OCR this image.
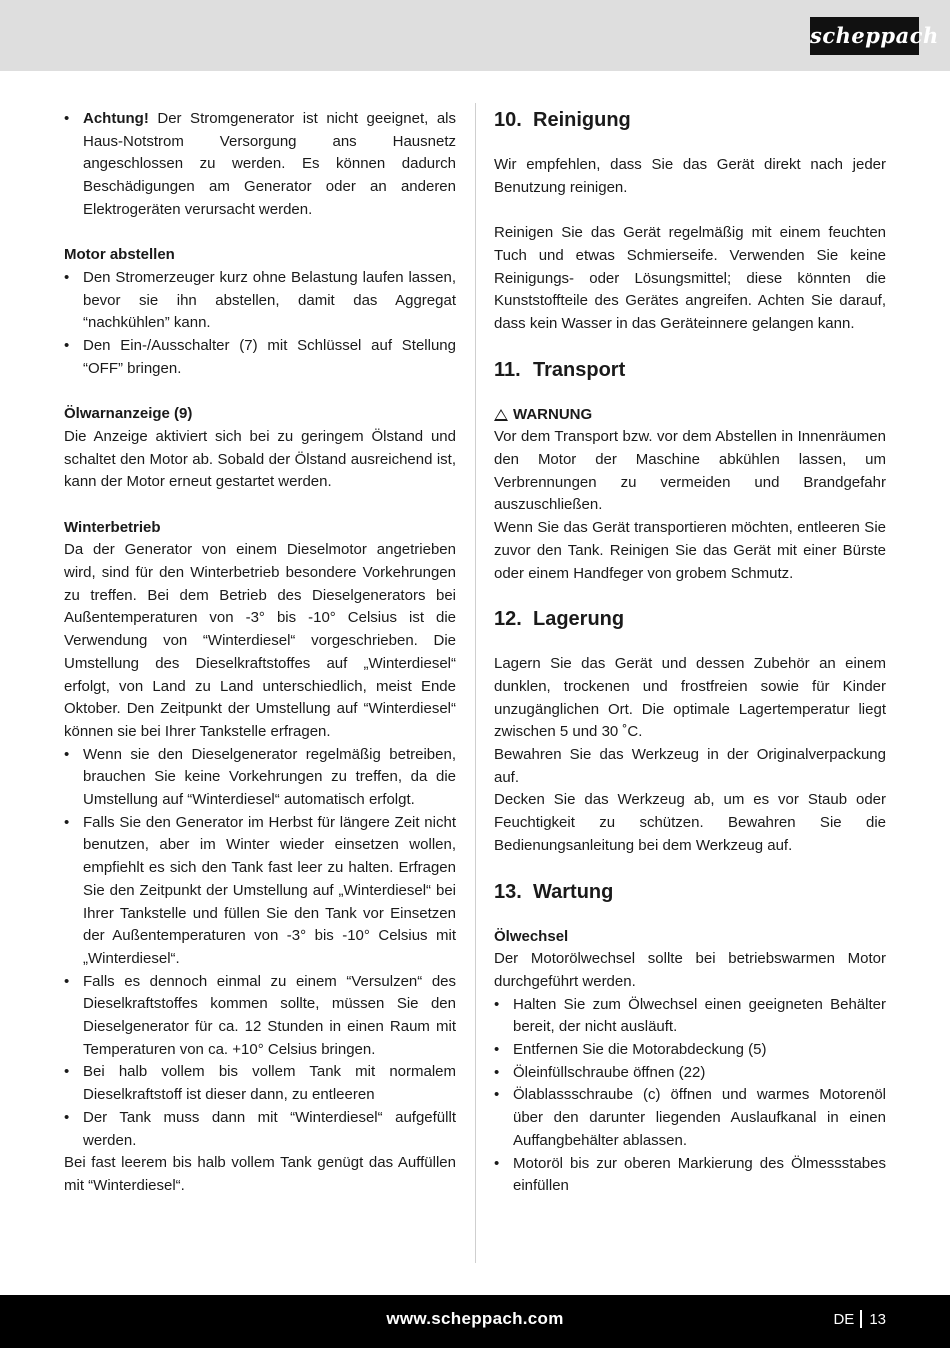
scheppach
• Achtung! Der Stromgenerator ist nicht geeignet, als Haus-Notstrom Versorgung ans Hausnetz angeschlossen zu werden. Es können dadurch Beschädigungen am Generator oder an anderen Elektrogeräten verursacht werden.
Motor abstellen
• Den Stromerzeuger kurz ohne Belastung laufen lassen, bevor sie ihn abstellen, damit das Aggregat “nachkühlen” kann.
• Den Ein-/Ausschalter (7) mit Schlüssel auf Stellung “OFF” bringen.
Ölwarnanzeige (9)
Die Anzeige aktiviert sich bei zu geringem Ölstand und schaltet den Motor ab. Sobald der Ölstand ausreichend ist, kann der Motor erneut gestartet werden.
Winterbetrieb
Da der Generator von einem Dieselmotor angetrieben wird, sind für den Winterbetrieb besondere Vorkehrungen zu treffen. Bei dem Betrieb des Dieselgenerators bei Außentemperaturen von -3° bis -10° Celsius ist die Verwendung von “Winterdiesel“ vorgeschrieben. Die Umstellung des Dieselkraftstoffes auf „Winterdiesel“ erfolgt, von Land zu Land unterschiedlich, meist Ende Oktober. Den Zeitpunkt der Umstellung auf “Winterdiesel“ können sie bei Ihrer Tankstelle erfragen.
• Wenn sie den Dieselgenerator regelmäßig betreiben, brauchen Sie keine Vorkehrungen zu treffen, da die Umstellung auf “Winterdiesel“ automatisch erfolgt.
• Falls Sie den Generator im Herbst für längere Zeit nicht benutzen, aber im Winter wieder einsetzen wollen, empfiehlt es sich den Tank fast leer zu halten. Erfragen Sie den Zeitpunkt der Umstellung auf „Winterdiesel“ bei Ihrer Tankstelle und füllen Sie den Tank vor Einsetzen der Außentemperaturen von -3° bis -10° Celsius mit „Winterdiesel“.
• Falls es dennoch einmal zu einem “Versulzen“ des Dieselkraftstoffes kommen sollte, müssen Sie den Dieselgenerator für ca. 12 Stunden in einen Raum mit Temperaturen von ca. +10° Celsius bringen.
• Bei halb vollem bis vollem Tank mit normalem Dieselkraftstoff ist dieser dann, zu entleeren
• Der Tank muss dann mit “Winterdiesel“ aufgefüllt werden.
Bei fast leerem bis halb vollem Tank genügt das Auffüllen mit “Winterdiesel“.
10. Reinigung
Wir empfehlen, dass Sie das Gerät direkt nach jeder Benutzung reinigen.
Reinigen Sie das Gerät regelmäßig mit einem feuchten Tuch und etwas Schmierseife. Verwenden Sie keine Reinigungs- oder Lösungsmittel; diese könnten die Kunststoffteile des Gerätes angreifen. Achten Sie darauf, dass kein Wasser in das Geräteinnere gelangen kann.
11. Transport
WARNUNG
Vor dem Transport bzw. vor dem Abstellen in Innenräumen den Motor der Maschine abkühlen lassen, um Verbrennungen zu vermeiden und Brandgefahr auszuschließen.
Wenn Sie das Gerät transportieren möchten, entleeren Sie zuvor den Tank. Reinigen Sie das Gerät mit einer Bürste oder einem Handfeger von grobem Schmutz.
12. Lagerung
Lagern Sie das Gerät und dessen Zubehör an einem dunklen, trockenen und frostfreien sowie für Kinder unzugänglichen Ort. Die optimale Lagertemperatur liegt zwischen 5 und 30 ˚C.
Bewahren Sie das Werkzeug in der Originalverpackung auf.
Decken Sie das Werkzeug ab, um es vor Staub oder Feuchtigkeit zu schützen. Bewahren Sie die Bedienungsanleitung bei dem Werkzeug auf.
13. Wartung
Ölwechsel
Der Motorölwechsel sollte bei betriebswarmen Motor durchgeführt werden.
• Halten Sie zum Ölwechsel einen geeigneten Behälter bereit, der nicht ausläuft.
• Entfernen Sie die Motorabdeckung (5)
• Öleinfüllschraube öffnen (22)
• Ölablassschraube (c) öffnen und warmes Motorenöl über den darunter liegenden Auslaufkanal in einen Auffangbehälter ablassen.
• Motoröl bis zur oberen Markierung des Ölmessstabes einfüllen
www.scheppach.com	DE 13
